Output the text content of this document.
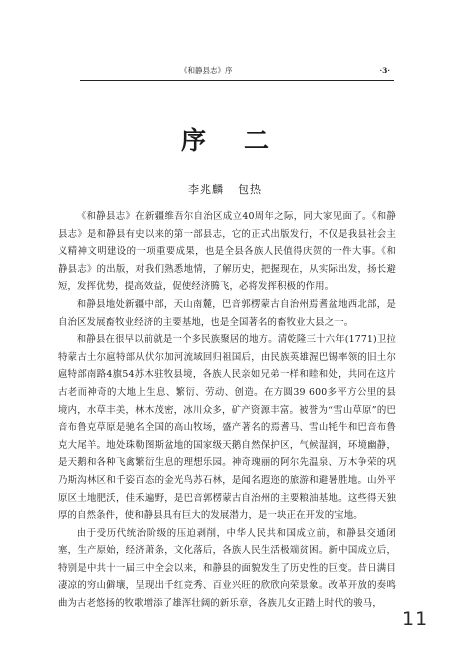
《和静县志》序	·3·
序二
李兆麟 包热

《和静县志》在新疆维吾尔自治区成立40周年之际，同大家见面了。《和静县志》是和静县有史以来的第一部县志，它的正式出版发行，不仅是我县社会主义精神文明建设的一项重要成果，也是全县各族人民值得庆贺的一件大事。《和静县志》的出版，对我们熟悉地情，了解历史，把握现在，从实际出发，扬长避短，发挥优势，提高效益，促使经济腾飞，必将发挥积极的作用。

和静县地处新疆中部，天山南麓，巴音郭楞蒙古自治州焉耆盆地西北部，是自治区发展畜牧业经济的主要基地，也是全国著名的畜牧业大县之一。

和静县在很早以前就是一个多民族聚居的地方。清乾隆三十六年(1771)卫拉特蒙古土尔扈特部从伏尔加河流域回归祖国后，由民族英雄渥巴锡率领的旧土尔扈特部南路4旗54苏木驻牧县境，各族人民亲如兄弟一样和睦和处，共同在这片古老而神奇的大地上生息、繁衍、劳动、创造。在方圆39 600多平方公里的县境内，水草丰美，林木茂密，冰川众多，矿产资源丰富。被誉为“雪山草原”的巴音布鲁克草原是驰名全国的高山牧场，盛产著名的焉耆马、雪山牦牛和巴音布鲁克大尾羊。地处珠勒图斯盆地的国家级天鹅自然保护区，气候湿润，环境幽静，是天鹅和各种飞禽繁衍生息的理想乐园。神奇瑰丽的阿尔先温泉、万木争荣的巩乃斯沟林区和千姿百态的金光鸟苏石林，是闻名遐迩的旅游和避暑胜地。山外平原区土地肥沃，佳禾遍野，是巴音郭楞蒙古自治州的主要粮油基地。这些得天独厚的自然条件，使和静县具有巨大的发展潜力，是一块正在开发的宝地。

由于受历代统治阶级的压迫剥削，中华人民共和国成立前，和静县交通闭塞，生产原始，经济萧条，文化落后，各族人民生活极端贫困。新中国成立后，特别是中共十一届三中全会以来，和静县的面貌发生了历史性的巨变。昔日满目凄凉的穷山僻壤，呈现出千红竞秀、百业兴旺的欣欣向荣景象。改革开放的奏鸣曲为古老悠扬的牧歌增添了雄浑壮阔的新乐章，各族儿女正踏上时代的骏马，

11
